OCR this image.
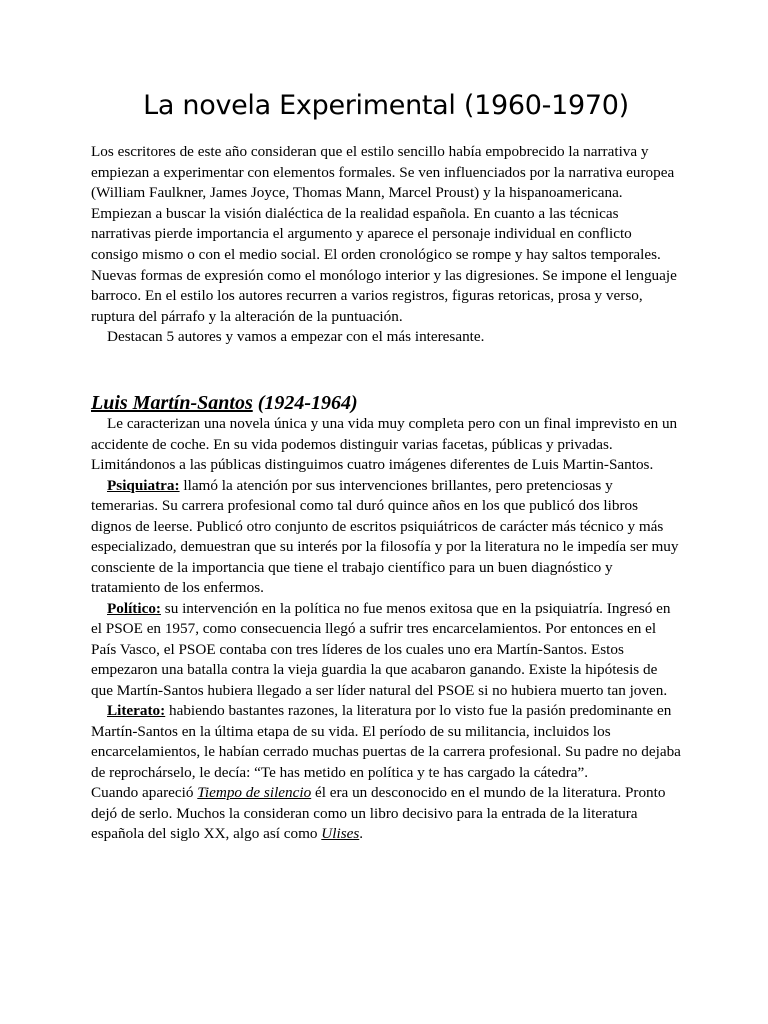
La novela Experimental (1960-1970)

Los escritores de este año consideran que el estilo sencillo había empobrecido la narrativa y empiezan a experimentar con elementos formales. Se ven influenciados por la narrativa europea (William Faulkner, James Joyce, Thomas Mann, Marcel Proust) y la hispanoamericana. Empiezan a buscar la visión dialéctica de la realidad española. En cuanto a las técnicas narrativas pierde importancia el argumento y aparece el personaje individual en conflicto consigo mismo o con el medio social. El orden cronológico se rompe y hay saltos temporales. Nuevas formas de expresión como el monólogo interior y las digresiones. Se impone el lenguaje barroco. En el estilo los autores recurren a varios registros, figuras retoricas, prosa y verso, ruptura del párrafo y la alteración de la puntuación.

Destacan 5 autores y vamos a empezar con el más interesante.

Luis Martín-Santos (1924-1964)

Le caracterizan una novela única y una vida muy completa pero con un final imprevisto en un accidente de coche. En su vida podemos distinguir varias facetas, públicas y privadas. Limitándonos a las públicas distinguimos cuatro imágenes diferentes de Luis Martin-Santos.

Psiquiatra: llamó la atención por sus intervenciones brillantes, pero pretenciosas y temerarias. Su carrera profesional como tal duró quince años en los que publicó dos libros dignos de leerse. Publicó otro conjunto de escritos psiquiátricos de carácter más técnico y más especializado, demuestran que su interés por la filosofía y por la literatura no le impedía ser muy consciente de la importancia que tiene el trabajo científico para un buen diagnóstico y tratamiento de los enfermos.

Político: su intervención en la política no fue menos exitosa que en la psiquiatría. Ingresó en el PSOE en 1957, como consecuencia llegó a sufrir tres encarcelamientos. Por entonces en el País Vasco, el PSOE contaba con tres líderes de los cuales uno era Martín-Santos. Estos empezaron una batalla contra la vieja guardia la que acabaron ganando. Existe la hipótesis de que Martín-Santos hubiera llegado a ser líder natural del PSOE si no hubiera muerto tan joven.

Literato: habiendo bastantes razones, la literatura por lo visto fue la pasión predominante en Martín-Santos en la última etapa de su vida. El período de su militancia, incluidos los encarcelamientos, le habían cerrado muchas puertas de la carrera profesional. Su padre no dejaba de reprochárselo, le decía: “Te has metido en política y te has cargado la cátedra”.

Cuando apareció Tiempo de silencio él era un desconocido en el mundo de la literatura. Pronto dejó de serlo. Muchos la consideran como un libro decisivo para la entrada de la literatura española del siglo XX, algo así como Ulises.
